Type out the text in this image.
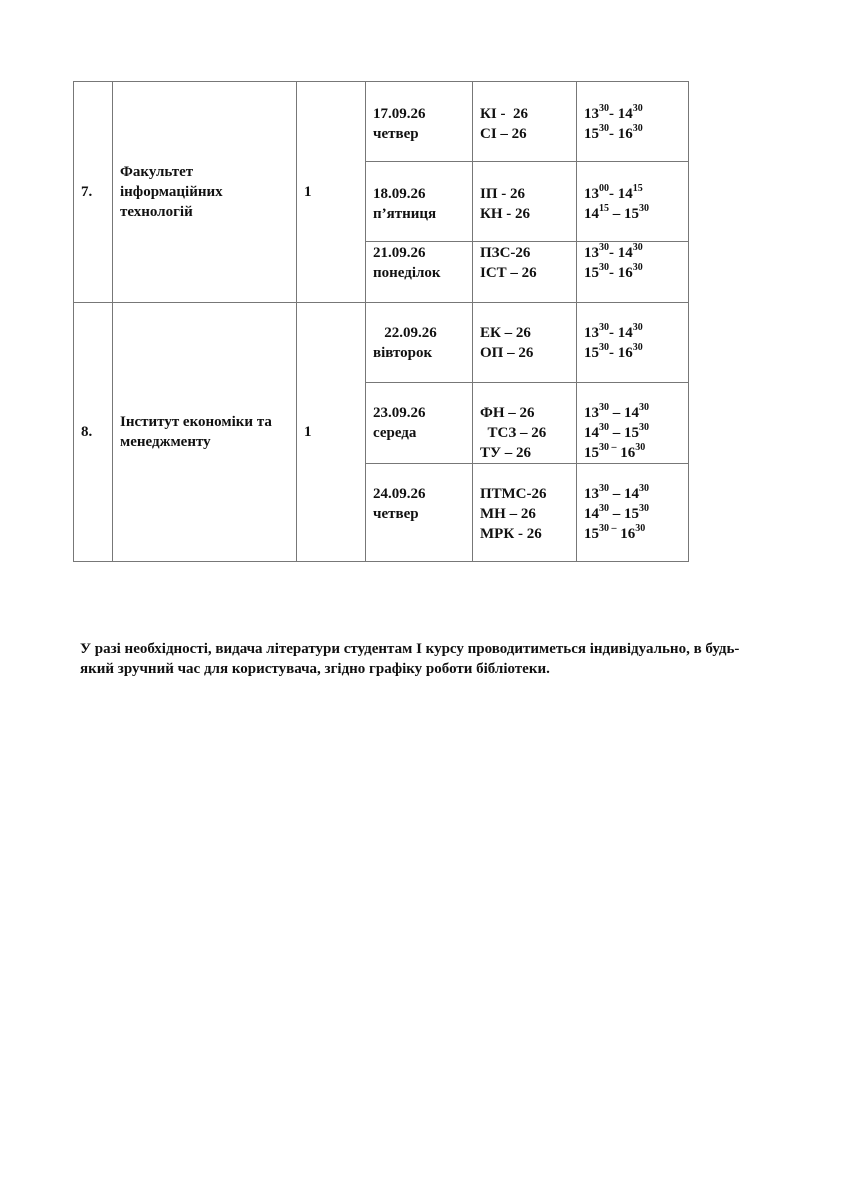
7.	Факультет
інформаційних
технологій	1	17.09.26
четвер	КІ -  26
СІ – 26	$13^{30}-$ $14^{30}$
$15^{30}-$ $16^{30}$

			18.09.26
п’ятниця	ІП - 26
КН - 26	$13^{00}-$ $14^{15}$
$14^{15} - 15^{30}$

			21.09.26
понеділок	ПЗС-26
ІСТ – 26	$13^{30}-$ $14^{30}$
$15^{30}-$ $16^{30}$

8.	Інститут економіки та
менеджменту	1	22.09.26
вівторок	ЕК – 26
ОП – 26	$13^{30}-$ $14^{30}$
$15^{30}-$ $16^{30}$

			23.09.26
середа	ФН – 26
ТСЗ – 26
ТУ – 26	$13^{30} - 14^{30}$
$14^{30} - 15^{30}$
$15^{30 -}$ $16^{30}$

			24.09.26
четвер	ПТМС-26
МН – 26
МРК - 26	$13^{30} - 14^{30}$
$14^{30} - 15^{30}$
$15^{30 -}$ $16^{30}$
У разі необхідності, видача літератури студентам І курсу проводитиметься індивідуально, в будь-який зручний час для користувача, згідно графіку роботи бібліотеки.
